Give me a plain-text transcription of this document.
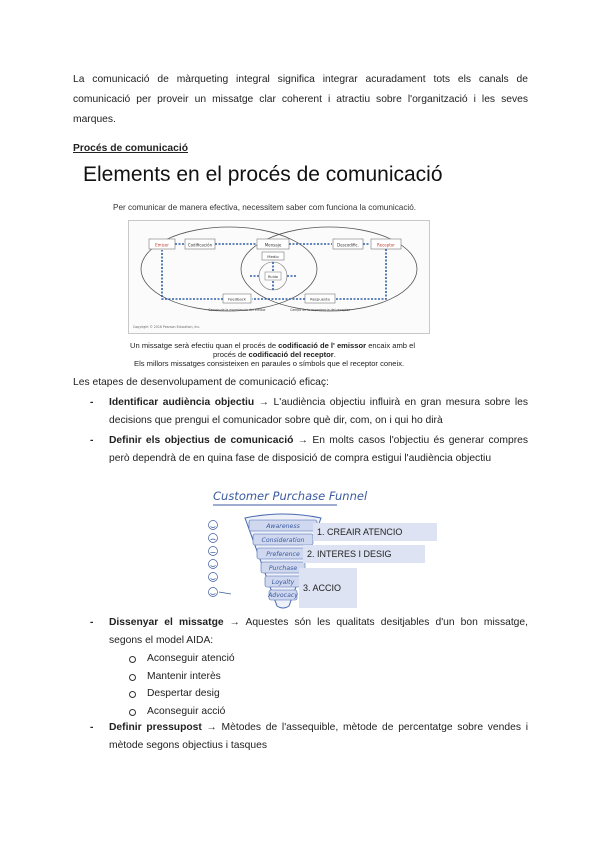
La comunicació de màrqueting integral significa integrar acuradament tots els canals de comunicació per proveir un missatge clar coherent i atractiu sobre l'organització i les seves marques.

Procés de comunicació
Elements en el procés de comunicació
Per comunicar de manera efectiva, necessitem saber com funciona la comunicació.
Emisor	Codificación	Mensaje
Medio
Ruido
Descodific.	Receptor
Feedback	Respuesta
Campo de la experiencia del emisor	Campo de la experiencia del receptor
Copyright © 2016 Pearson Education, Inc.
Un missatge serà efectiu quan el procés de codificació de l' emissor encaix amb el
procés de codificació del receptor.
Els millors missatges consisteixen en paraules o símbols que el receptor coneix.
Les etapes de desenvolupament de comunicació eficaç:
- Identificar audiència objectiu → L'audiència objectiu influirà en gran mesura sobre les decisions que prengui el comunicador sobre què dir, com, on i qui ho dirà
- Definir els objectius de comunicació → En molts casos l'objectiu és generar compres però dependrà de en quina fase de disposició de compra estigui l'audiència objectiu
Customer Purchase Funnel
Awareness
Consideration
Preference
Purchase
Loyalty
Advocacy
1. CREAIR ATENCIO
2. INTERES I DESIG
3. ACCIO
- Dissenyar el missatge → Aquestes són les qualitats desitjables d'un bon missatge, segons el model AIDA:
Aconseguir atenció
Mantenir interès
Despertar desig
Aconseguir acció
- Definir pressupost → Mètodes de l'assequible, mètode de percentatge sobre vendes i mètode segons objectius i tasques
